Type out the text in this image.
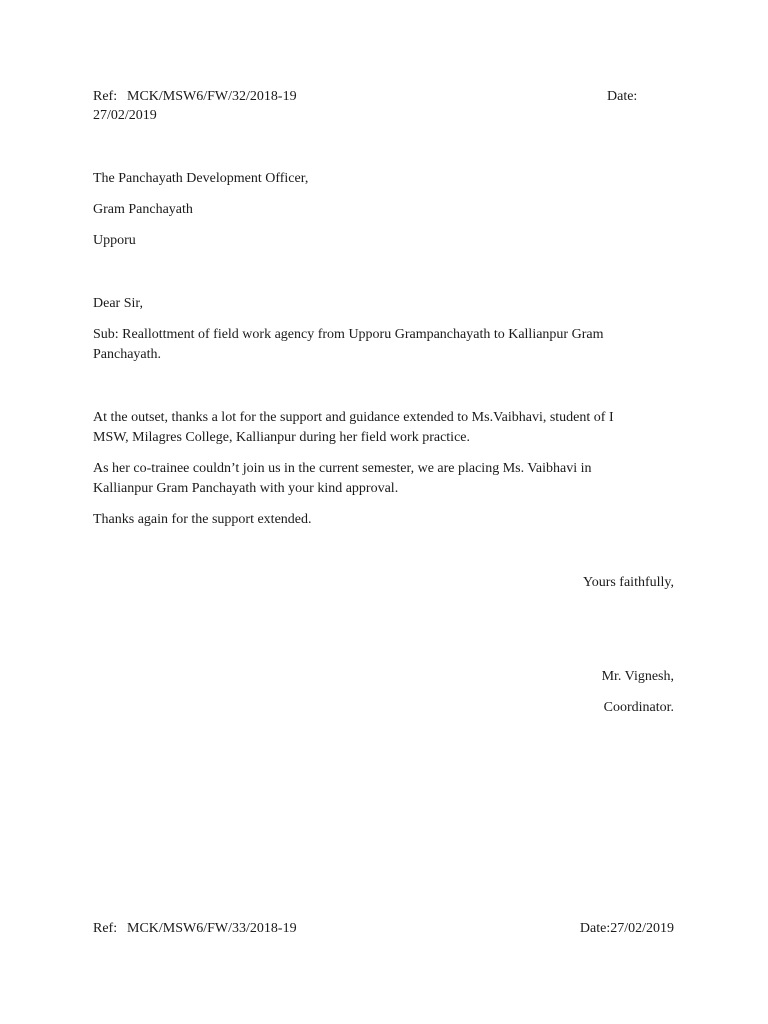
Ref: MCK/MSW6/FW/32/2018-19	Date:
27/02/2019
The Panchayath Development Officer,
Gram Panchayath
Upporu
Dear Sir,
Sub: Reallottment of field work agency from Upporu Grampanchayath to Kallianpur Gram
Panchayath.
At the outset, thanks a lot for the support and guidance extended to Ms.Vaibhavi, student of I
MSW, Milagres College, Kallianpur during her field work practice.
As her co-trainee couldn’t join us in the current semester, we are placing Ms. Vaibhavi in
Kallianpur Gram Panchayath with your kind approval.
Thanks again for the support extended.
Yours faithfully,
Mr. Vignesh,
Coordinator.
Ref: MCK/MSW6/FW/33/2018-19	Date:27/02/2019
